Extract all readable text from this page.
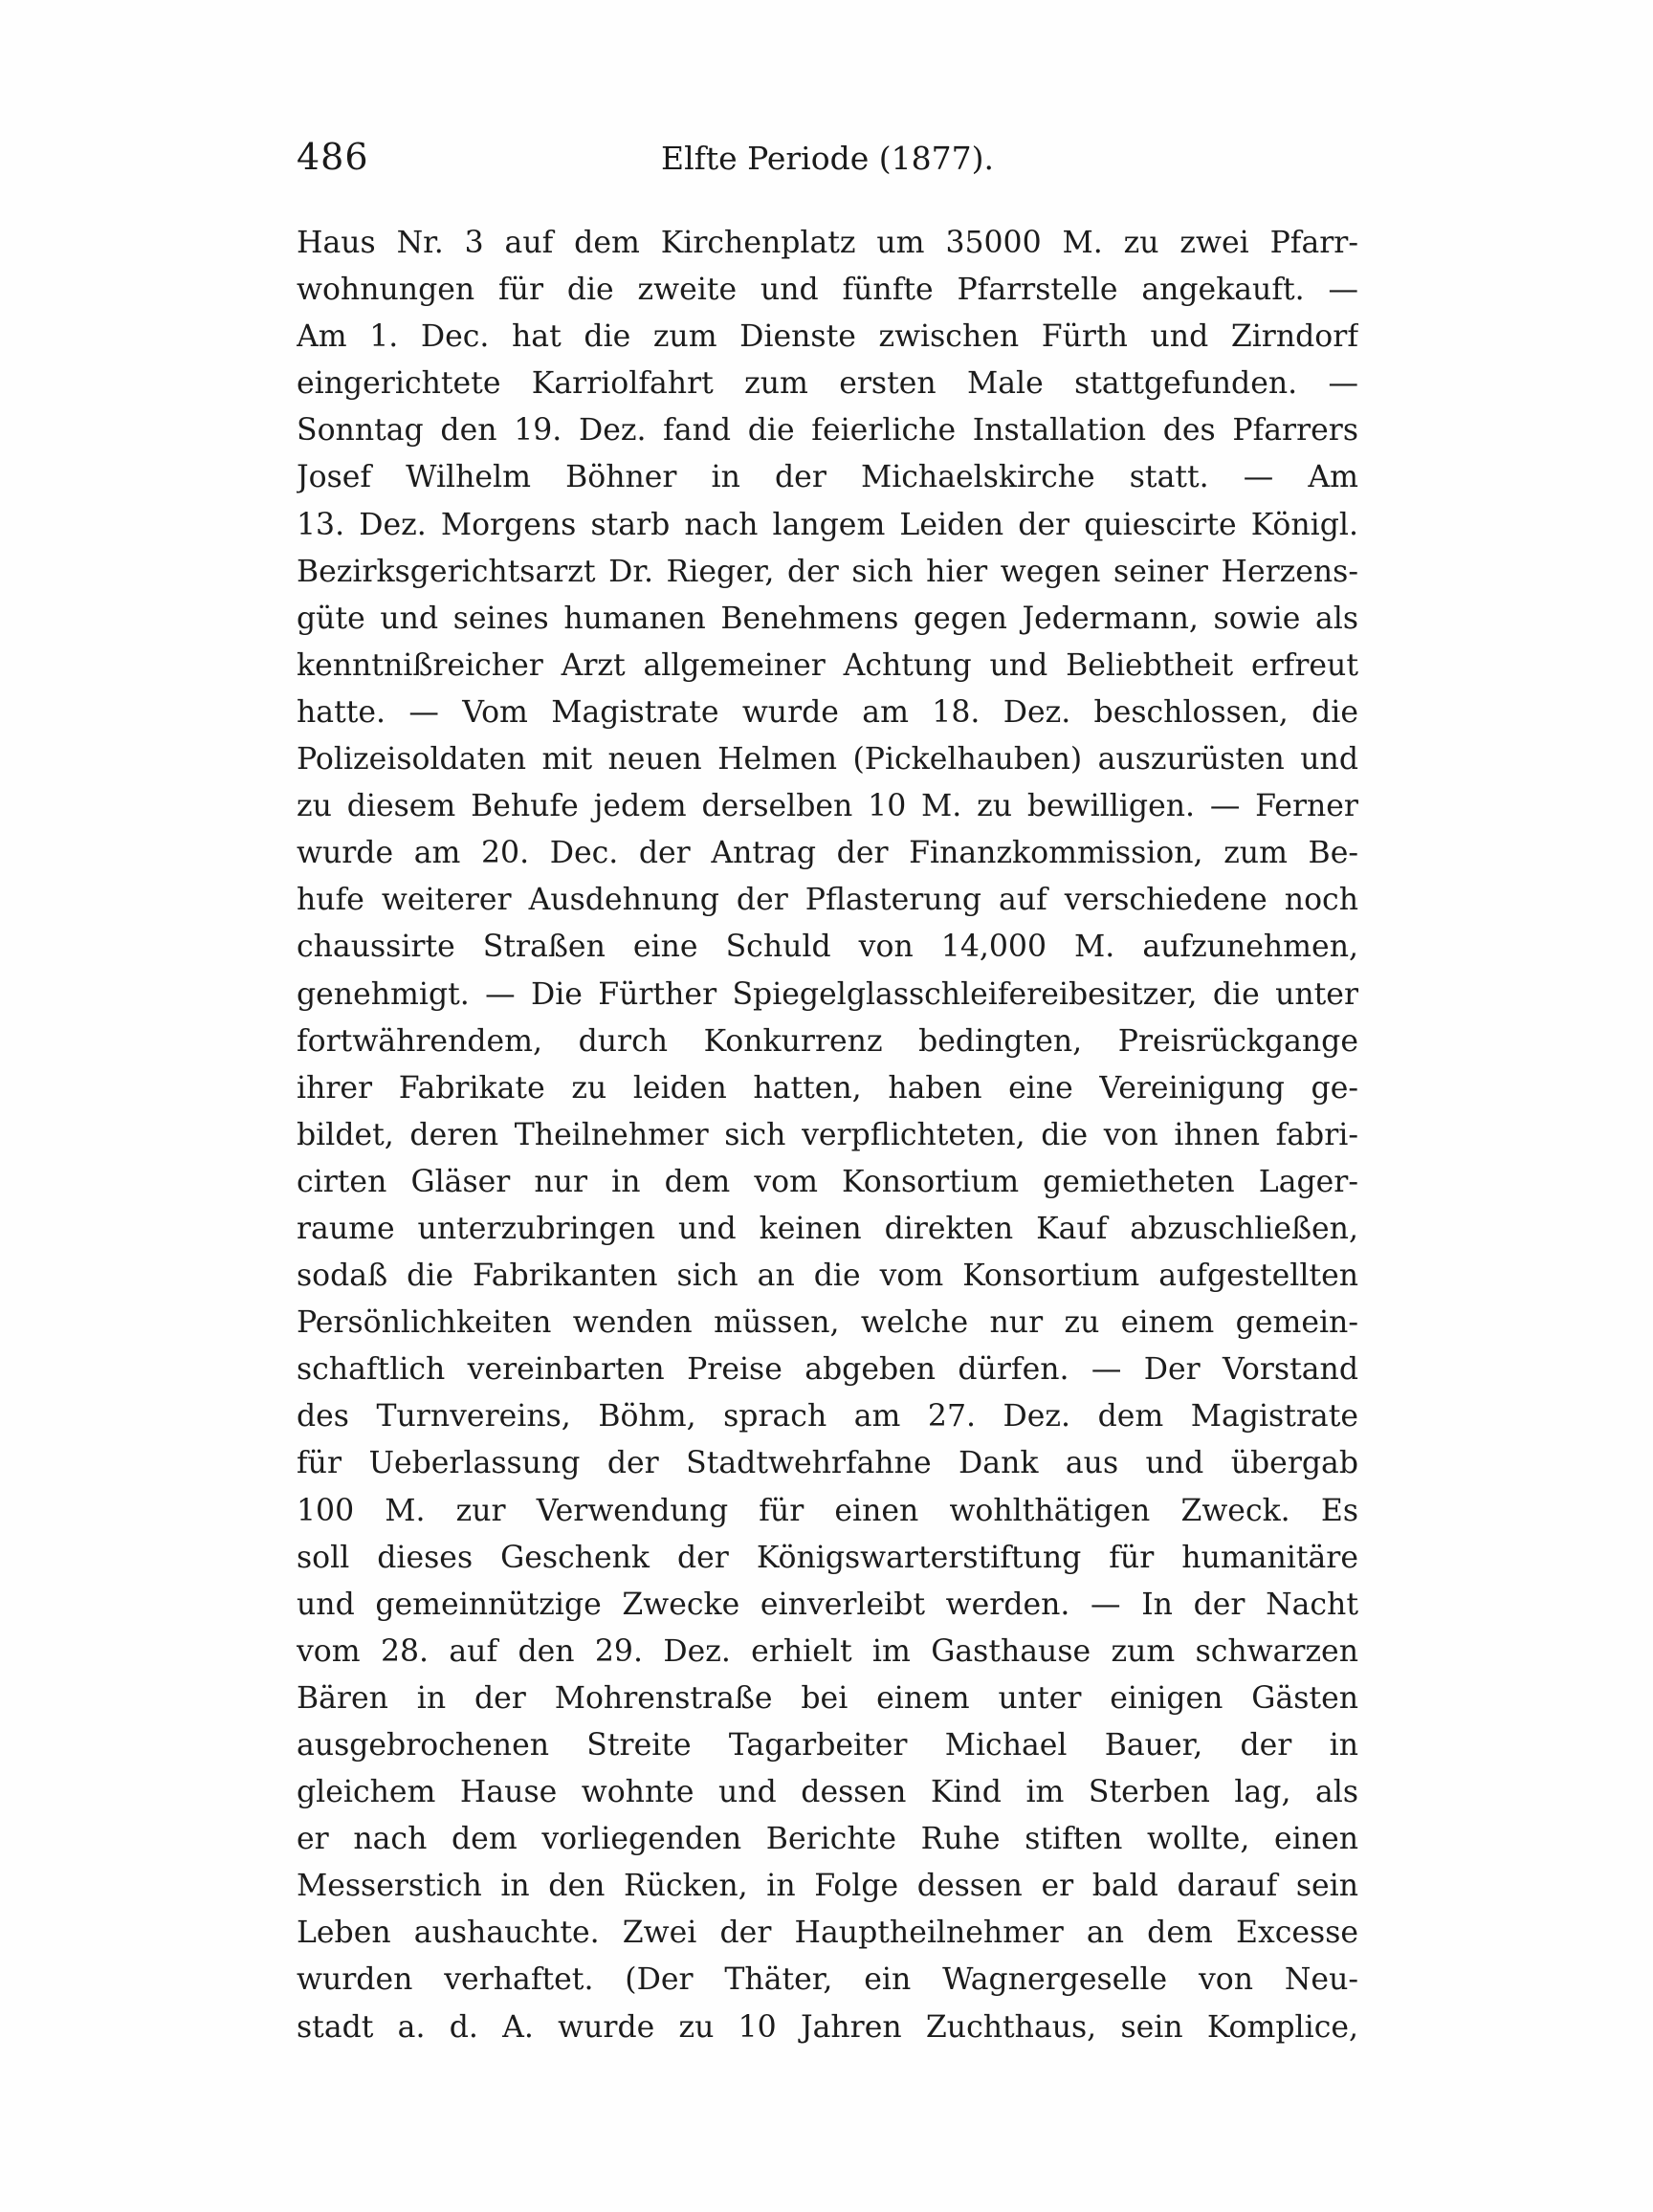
486	Elfte Periode (1877).
Haus Nr. 3 auf dem Kirchenplatz um 35000 M. zu zwei Pfarr-
wohnungen für die zweite und fünfte Pfarrstelle angekauft. —
Am 1. Dec. hat die zum Dienste zwischen Fürth und Zirndorf
eingerichtete Karriolfahrt zum ersten Male stattgefunden. —
Sonntag den 19. Dez. fand die feierliche Installation des Pfarrers
Josef Wilhelm Böhner in der Michaelskirche statt. — Am
13. Dez. Morgens starb nach langem Leiden der quiescirte Königl.
Bezirksgerichtsarzt Dr. Rieger, der sich hier wegen seiner Herzens-
güte und seines humanen Benehmens gegen Jedermann, sowie als
kenntnißreicher Arzt allgemeiner Achtung und Beliebtheit erfreut
hatte. — Vom Magistrate wurde am 18. Dez. beschlossen, die
Polizeisoldaten mit neuen Helmen (Pickelhauben) auszurüsten und
zu diesem Behufe jedem derselben 10 M. zu bewilligen. — Ferner
wurde am 20. Dec. der Antrag der Finanzkommission, zum Be-
hufe weiterer Ausdehnung der Pflasterung auf verschiedene noch
chaussirte Straßen eine Schuld von 14,000 M. aufzunehmen,
genehmigt. — Die Fürther Spiegelglasschleifereibesitzer, die unter
fortwährendem, durch Konkurrenz bedingten, Preisrückgange
ihrer Fabrikate zu leiden hatten, haben eine Vereinigung ge-
bildet, deren Theilnehmer sich verpflichteten, die von ihnen fabri-
cirten Gläser nur in dem vom Konsortium gemietheten Lager-
raume unterzubringen und keinen direkten Kauf abzuschließen,
sodaß die Fabrikanten sich an die vom Konsortium aufgestellten
Persönlichkeiten wenden müssen, welche nur zu einem gemein-
schaftlich vereinbarten Preise abgeben dürfen. — Der Vorstand
des Turnvereins, Böhm, sprach am 27. Dez. dem Magistrate
für Ueberlassung der Stadtwehrfahne Dank aus und übergab
100 M. zur Verwendung für einen wohlthätigen Zweck. Es
soll dieses Geschenk der Königswarterstiftung für humanitäre
und gemeinnützige Zwecke einverleibt werden. — In der Nacht
vom 28. auf den 29. Dez. erhielt im Gasthause zum schwarzen
Bären in der Mohrenstraße bei einem unter einigen Gästen
ausgebrochenen Streite Tagarbeiter Michael Bauer, der in
gleichem Hause wohnte und dessen Kind im Sterben lag, als
er nach dem vorliegenden Berichte Ruhe stiften wollte, einen
Messerstich in den Rücken, in Folge dessen er bald darauf sein
Leben aushauchte. Zwei der Hauptheilnehmer an dem Excesse
wurden verhaftet. (Der Thäter, ein Wagnergeselle von Neu-
stadt a. d. A. wurde zu 10 Jahren Zuchthaus, sein Komplice,
